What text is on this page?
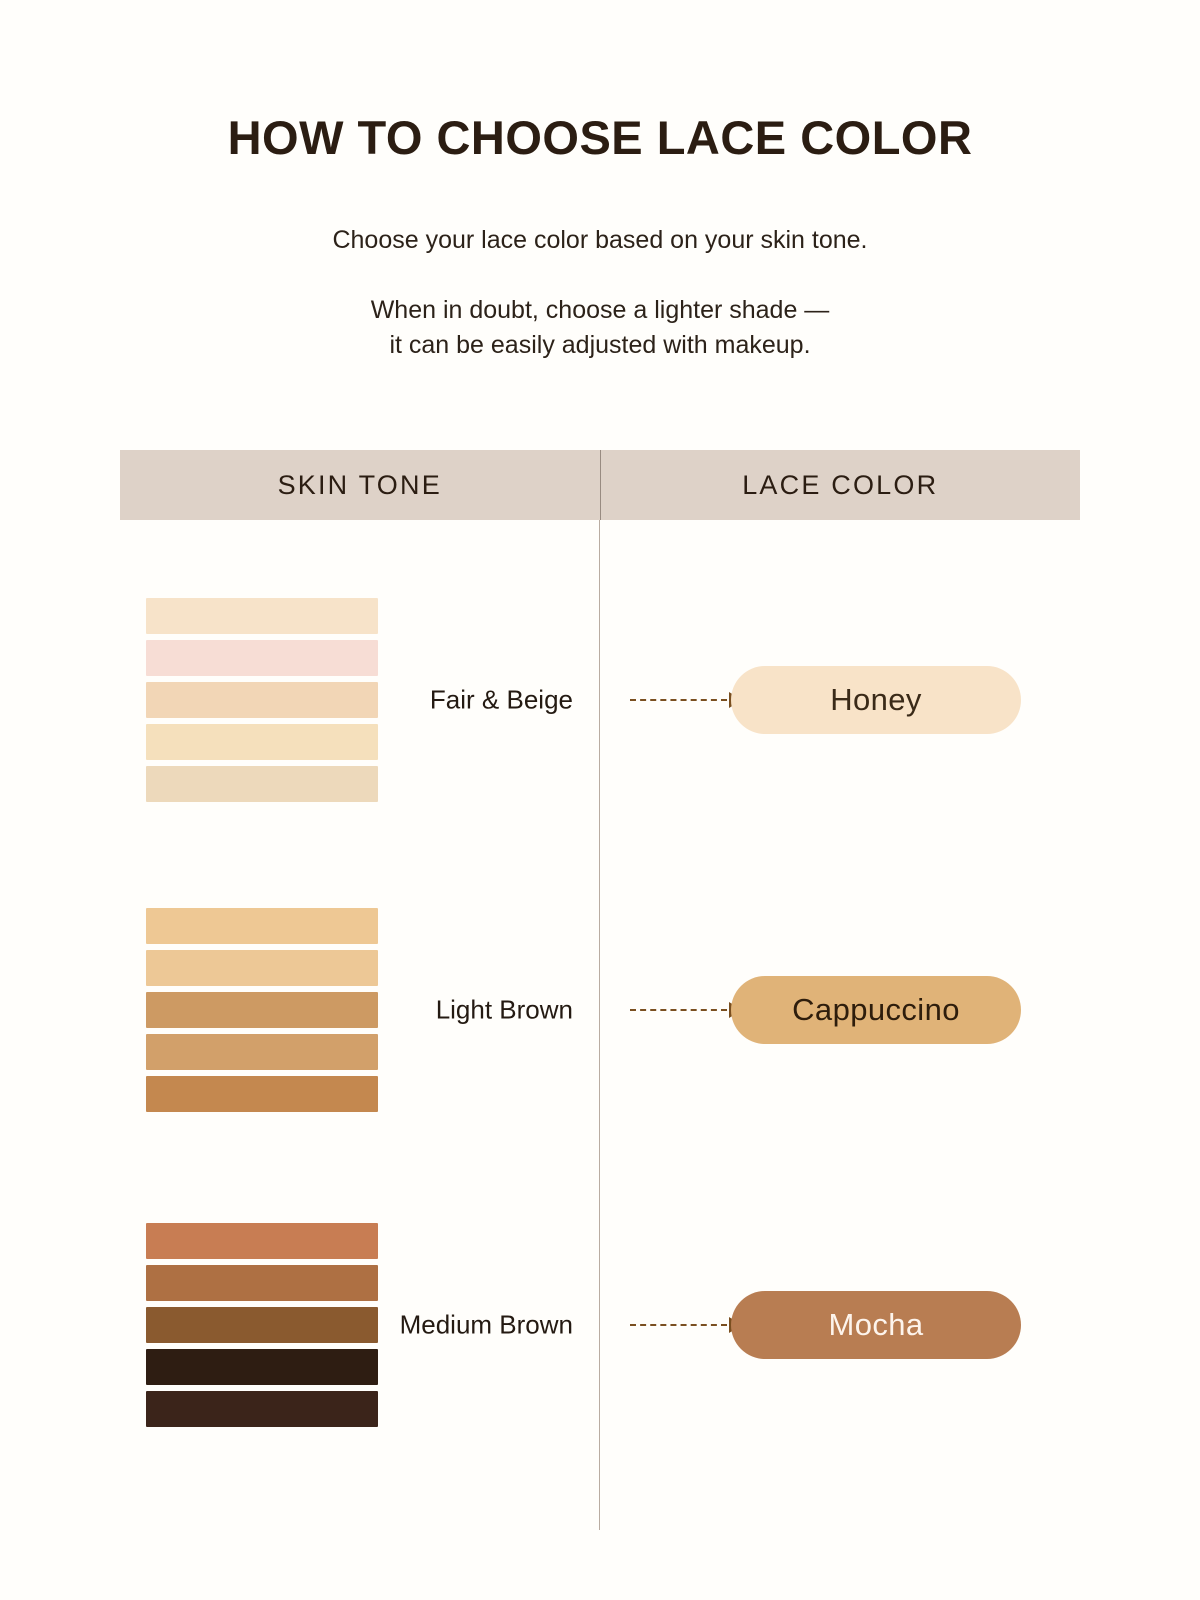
HOW TO CHOOSE LACE COLOR

Choose your lace color based on your skin tone.

When in doubt, choose a lighter shade —
it can be easily adjusted with makeup.

SKIN TONE	LACE COLOR
Fair & Beige	Honey
Light Brown	Cappuccino
Medium Brown	Mocha
